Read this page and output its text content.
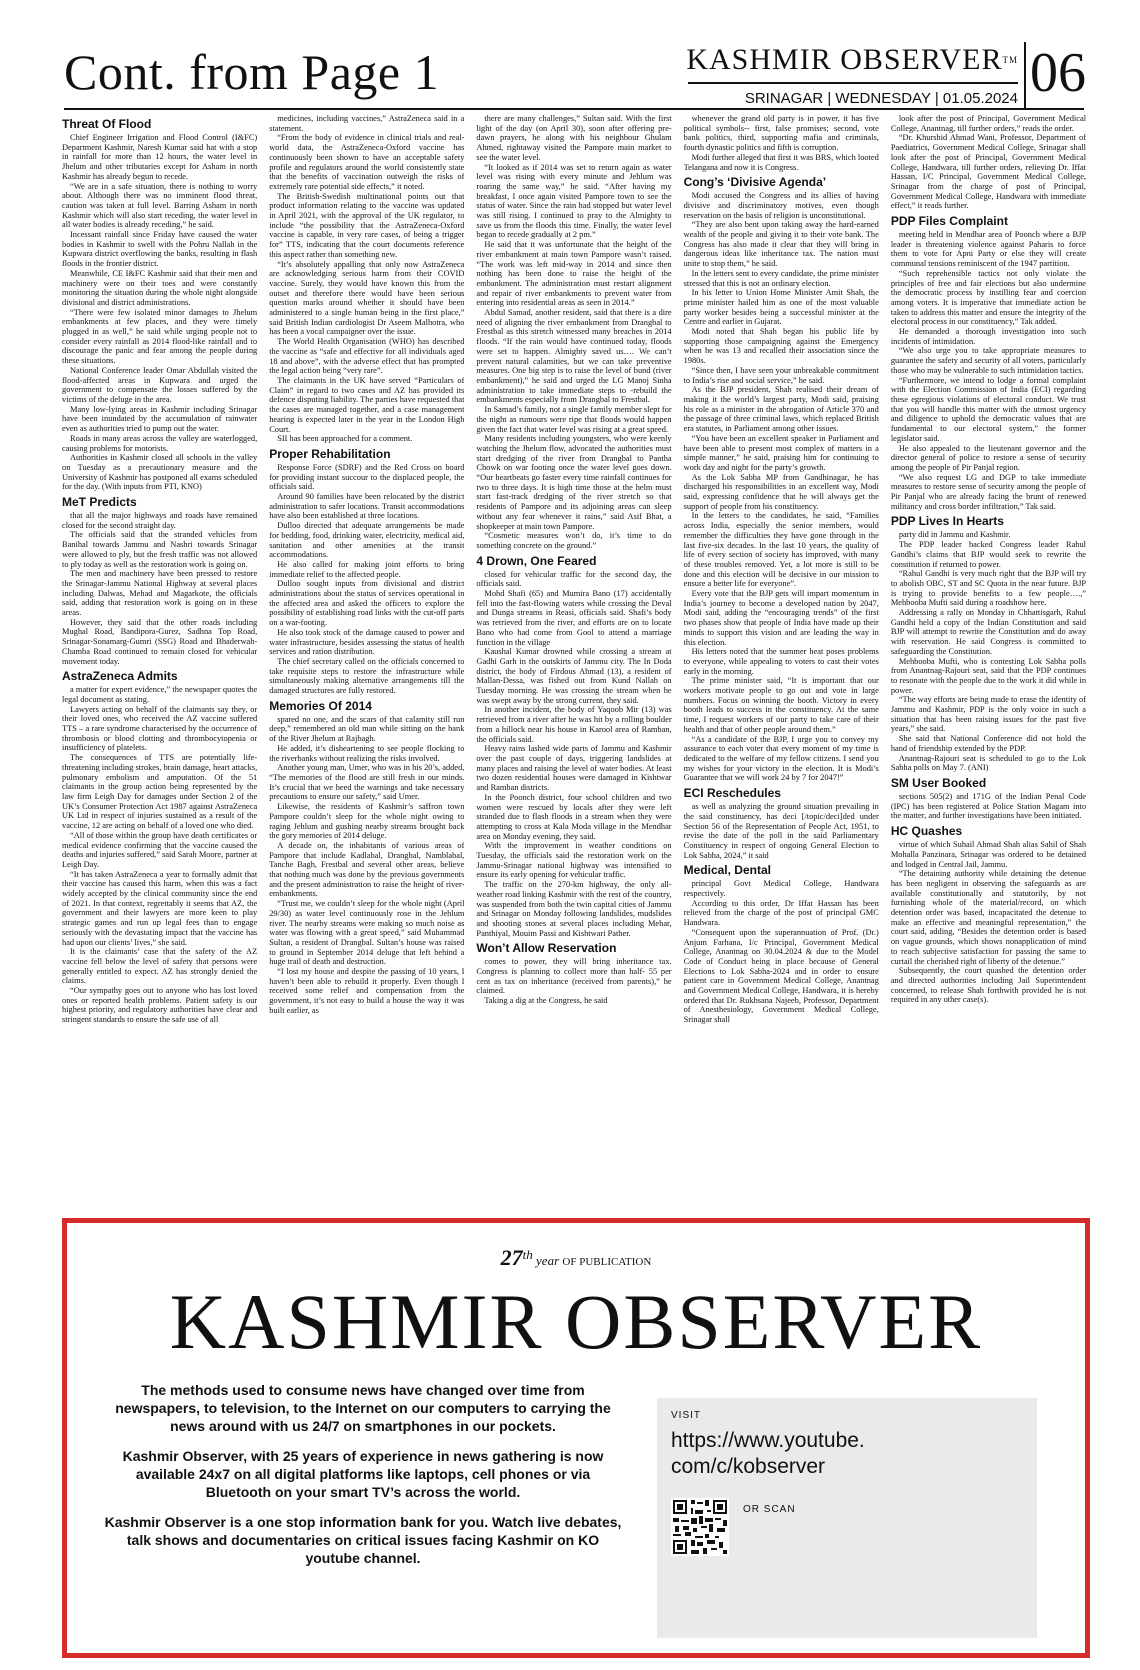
Cont. from Page 1	KASHMIR OBSERVER™
SRINAGAR | WEDNESDAY | 01.05.2024 06
Threat Of Flood

Chief Engineer Irrigation and Flood Control (I&FC) Department Kashmir, Naresh Kumar said hat with a stop in rainfall for more than 12 hours, the water level in Jhelum and other tributaries except for Asham in north Kashmir has already begun to recede.

“We are in a safe situation, there is nothing to worry about. Although there was no imminent flood threat, caution was taken at full level. Barring Asham in north Kashmir which will also start receding, the water level in all water bodies is already receding,” he said.

Incessant rainfall since Friday have caused the water bodies in Kashmir to swell with the Pohru Nallah in the Kupwara district overflowing the banks, resulting in flash floods in the frontier district.

Meanwhile, CE I&FC Kashmir said that their men and machinery were on their toes and were constantly monitoring the situation during the whole night alongside divisional and district administrations.

“There were few isolated minor damages to Jhelum embankments at few places, and they were timely plugged in as well,” he said while urging people not to consider every rainfall as 2014 flood-like rainfall and to discourage the panic and fear among the people during these situations.

National Conference leader Omar Abdullah visited the flood-affected areas in Kupwara and urged the government to compensate the losses suffered by the victims of the deluge in the area.

Many low-lying areas in Kashmir including Srinagar have been inundated by the accumulation of rainwater even as authorities tried to pump out the water.

Roads in many areas across the valley are waterlogged, causing problems for motorists.

Authorities in Kashmir closed all schools in the valley on Tuesday as a precautionary measure and the University of Kashmir has postponed all exams scheduled for the day. (With inputs from PTI, KNO)

MeT Predicts

that all the major highways and roads have remained closed for the second straight day.

The officials said that the stranded vehicles from Banihal towards Jammu and Nashri towards Srinagar were allowed to ply, but the fresh traffic was not allowed to ply today as well as the restoration work is going on.

The men and machinery have been pressed to restore the Srinagar-Jammu National Highway at several places including Dalwas, Mehad and Magarkote, the officials said, adding that restoration work is going on in these areas.

However, they said that the other roads including Mughal Road, Bandipora-Gurez, Sadhna Top Road, Srinagar-Sonamarg-Gumri (SSG) Road and Bhaderwah-Chamba Road continued to remain closed for vehicular movement today.

AstraZeneca Admits

a matter for expert evidence,” the newspaper quotes the legal document as stating.

Lawyers acting on behalf of the claimants say they, or their loved ones, who received the AZ vaccine suffered TTS – a rare syndrome characterised by the occurrence of thrombosis or blood clotting and thrombocytopenia or insufficiency of platelets.

The consequences of TTS are potentially life-threatening including strokes, brain damage, heart attacks, pulmonary embolism and amputation. Of the 51 claimants in the group action being represented by the law firm Leigh Day for damages under Section 2 of the UK’s Consumer Protection Act 1987 against AstraZeneca UK Ltd in respect of injuries sustained as a result of the vaccine, 12 are acting on behalf of a loved one who died.

“All of those within the group have death certificates or medical evidence confirming that the vaccine caused the deaths and injuries suffered,” said Sarah Moore, partner at Leigh Day.

“It has taken AstraZeneca a year to formally admit that their vaccine has caused this harm, when this was a fact widely accepted by the clinical community since the end of 2021. In that context, regrettably it seems that AZ, the government and their lawyers are more keen to play strategic games and run up legal fees than to engage seriously with the devastating impact that the vaccine has had upon our clients’ lives,” she said.

It is the claimants’ case that the safety of the AZ vaccine fell below the level of safety that persons were generally entitled to expect. AZ has strongly denied the claims.

“Our sympathy goes out to anyone who has lost loved ones or reported health problems. Patient safety is our highest priority, and regulatory authorities have clear and stringent standards to ensure the safe use of all

medicines, including vaccines,” AstraZeneca said in a statement.

“From the body of evidence in clinical trials and real-world data, the AstraZeneca-Oxford vaccine has continuously been shown to have an acceptable safety profile and regulators around the world consistently state that the benefits of vaccination outweigh the risks of extremely rare potential side effects,” it noted.

The British-Swedish multinational points out that product information relating to the vaccine was updated in April 2021, with the approval of the UK regulator, to include “the possibility that the AstraZeneca-Oxford vaccine is capable, in very rare cases, of being a trigger for” TTS, indicating that the court documents reference this aspect rather than something new.

“It’s absolutely appalling that only now AstraZeneca are acknowledging serious harm from their COVID vaccine. Surely, they would have known this from the outset and therefore there would have been serious question marks around whether it should have been administered to a single human being in the first place,” said British Indian cardiologist Dr Aseem Malhotra, who has been a vocal campaigner over the issue.

The World Health Organisation (WHO) has described the vaccine as “safe and effective for all individuals aged 18 and above”, with the adverse effect that has prompted the legal action being “very rare”.

The claimants in the UK have served “Particulars of Claim” in regard to two cases and AZ has provided its defence disputing liability. The parties have requested that the cases are managed together, and a case management hearing is expected later in the year in the London High Court.

SII has been approached for a comment.

Proper Rehabilitation

Response Force (SDRF) and the Red Cross on board for providing instant succour to the displaced people, the officials said.

Around 90 families have been relocated by the district administration to safer locations. Transit accommodations have also been established at three locations.

Dulloo directed that adequate arrangements be made for bedding, food, drinking water, electricity, medical aid, sanitation and other amenities at the transit accommodations.

He also called for making joint efforts to bring immediate relief to the affected people.

Dulloo sought inputs from divisional and district administrations about the status of services operational in the affected area and asked the officers to explore the possibility of establishing road links with the cut-off parts on a war-footing.

He also took stock of the damage caused to power and water infrastructure, besides assessing the status of health services and ration distribution.

The chief secretary called on the officials concerned to take requisite steps to restore the infrastructure while simultaneously making alternative arrangements till the damaged structures are fully restored.

Memories Of 2014

spared no one, and the scars of that calamity still run deep,” remembered an old man while sitting on the bank of the River Jhelum at Rajbagh.

He added, it’s disheartening to see people flocking to the riverbanks without realizing the risks involved.

Another young man, Umer, who was in his 20’s, added, “The memories of the flood are still fresh in our minds. It’s crucial that we heed the warnings and take necessary precautions to ensure our safety,” said Umer.

Likewise, the residents of Kashmir’s saffron town Pampore couldn’t sleep for the whole night owing to raging Jehlum and gushing nearby streams brought back the gory memories of 2014 deluge.

A decade on, the inhabitants of various areas of Pampore that include Kadlabal, Drangbal, Namblabal, Tanche Bagh, Frestbal and several other areas, believe that nothing much was done by the previous governments and the present administration to raise the height of river-embankments.

“Trust me, we couldn’t sleep for the whole night (April 29/30) as water level continuously rose in the Jehlum river. The nearby streams were making so much noise as water was flowing with a great speed,” said Muhammad Sultan, a resident of Drangbal. Sultan’s house was raised to ground in September 2014 deluge that left behind a huge trail of death and destruction.

“I lost my house and despite the passing of 10 years, I haven’t been able to rebuild it properly. Even though I received some relief and compensation from the government, it’s not easy to build a house the way it was built earlier, as

there are many challenges,” Sultan said. With the first light of the day (on April 30), soon after offering pre-dawn prayers, he along with his neighbour Ghulam Ahmed, rightaway visited the Pampore main market to see the water level.

“It looked as if 2014 was set to return again as water level was rising with every minute and Jehlum was roaring the same way,” he said. “After having my breakfast, I once again visited Pampore town to see the status of water. Since the rain had stopped but water level was still rising. I continued to pray to the Almighty to save us from the floods this time. Finally, the water level began to recede gradually at 2 pm.”

He said that it was unfortunate that the height of the river embankment at main town Pampore wasn’t raised. “The work was left mid-way in 2014 and since then nothing has been done to raise the height of the embankment. The administration must restart alignment and repair of river embankments to prevent water from entering into residential areas as seen in 2014.”

Abdul Samad, another resident, said that there is a dire need of aligning the river embankment from Drangbal to Frestbal as this stretch witnessed many breaches in 2014 floods. “If the rain would have continued today, floods were set to happen. Almighty saved us…. We can’t prevent natural calamities, but we can take preventive measures. One big step is to raise the level of bund (river embankment),” he said and urged the LG Manoj Sinha administration to take immediate steps to -rebuild the embankments especially from Drangbal to Frestbal.

In Samad’s family, not a single family member slept for the night as rumours were ripe that floods would happen given the fact that water level was rising at a great speed.

Many residents including youngsters, who were keenly watching the Jhelum flow, advocated the authorities must start dredging of the river from Drangbal to Pantha Chowk on war footing once the water level goes down. “Our heartbeats go faster every time rainfall continues for two to three days. It is high time those at the helm must start fast-track dredging of the river stretch so that residents of Pampore and its adjoining areas can sleep without any fear whenever it rains,” said Asif Bhat, a shopkeeper at main town Pampore.

“Cosmetic measures won’t do, it’s time to do something concrete on the ground.”

4 Drown, One Feared

closed for vehicular traffic for the second day, the officials said.

Mohd Shafi (65) and Mumira Bano (17) accidentally fell into the fast-flowing waters while crossing the Deval and Dunga streams in Reasi, officials said. Shafi’s body was retrieved from the river, and efforts are on to locate Bano who had come from Gool to attend a marriage function in the village

Kaushal Kumar drowned while crossing a stream at Gadhi Garh in the outskirts of Jammu city. The In Doda district, the body of Firdous Ahmad (13), a resident of Mallan-Dessa, was fished out from Kund Nallah on Tuesday morning. He was crossing the stream when he was swept away by the strong current, they said.

In another incident, the body of Yaqoob Mir (13) was retrieved from a river after he was hit by a rolling boulder from a hillock near his house in Karool area of Ramban, the officials said.

Heavy rains lashed wide parts of Jammu and Kashmir over the past couple of days, triggering landslides at many places and raising the level of water bodies. At least two dozen residential houses were damaged in Kishtwar and Ramban districts.

In the Poonch district, four school children and two women were rescued by locals after they were left stranded due to flash floods in a stream when they were attempting to cross at Kala Moda village in the Mendhar area on Monday evening, they said.

With the improvement in weather conditions on Tuesday, the officials said the restoration work on the Jammu-Srinagar national highway was intensified to ensure its early opening for vehicular traffic.

The traffic on the 270-km highway, the only all-weather road linking Kashmir with the rest of the country, was suspended from both the twin capital cities of Jammu and Srinagar on Monday following landslides, mudslides and shooting stones at several places including Mehar, Panthiyal, Mouim Passi and Kishtwari Pather.

Won’t Allow Reservation

comes to power, they will bring inheritance tax. Congress is planning to collect more than half- 55 per cent as tax on inheritance (received from parents),” he claimed.

Taking a dig at the Congress, he said

whenever the grand old party is in power, it has five political symbols-- first, false promises; second, vote bank politics, third, supporting mafia and criminals, fourth dynastic politics and fifth is corruption.

Modi further alleged that first it was BRS, which looted Telangana and now it is Congress.

Cong’s ‘Divisive Agenda’

Modi accused the Congress and its allies of having divisive and discriminatory motives, even though reservation on the basis of religion is unconstitutional.

“They are also bent upon taking away the hard-earned wealth of the people and giving it to their vote bank. The Congress has also made it clear that they will bring in dangerous ideas like inheritance tax. The nation must unite to stop them,” he said.

In the letters sent to every candidate, the prime minister stressed that this is not an ordinary election.

In his letter to Union Home Minister Amit Shah, the prime minister hailed him as one of the most valuable party worker besides being a successful minister at the Centre and earlier in Gujarat.

Modi noted that Shah began his public life by supporting those campaigning against the Emergency when he was 13 and recalled their association since the 1980s.

“Since then, I have seen your unbreakable commitment to India’s rise and social service,” he said.

As the BJP president, Shah realised their dream of making it the world’s largest party, Modi said, praising his role as a minister in the abrogation of Article 370 and the passage of three criminal laws, which replaced British era statutes, in Parliament among other issues.

“You have been an excellent speaker in Parliament and have been able to present most complex of matters in a simple manner,” he said, praising him for continuing to work day and night for the party’s growth.

As the Lok Sabha MP from Gandhinagar, he has discharged his responsibilities in an excellent way, Modi said, expressing confidence that he will always get the support of people from his constituency.

In the letters to the candidates, he said, “Families across India, especially the senior members, would remember the difficulties they have gone through in the last five-six decades. In the last 10 years, the quality of life of every section of society has improved, with many of these troubles removed. Yet, a lot more is still to be done and this election will be decisive in our mission to ensure a better life for everyone”.

Every vote that the BJP gets will impart momentum in India’s journey to become a developed nation by 2047, Modi said, adding the “encouraging trends” of the first two phases show that people of India have made up their minds to support this vision and are leading the way in this election.

His letters noted that the summer heat poses problems to everyone, while appealing to voters to cast their votes early in the morning.

The prime minister said, “It is important that our workers motivate people to go out and vote in large numbers. Focus on winning the booth. Victory in every booth leads to success in the constituency. At the same time, I request workers of our party to take care of their health and that of other people around them.”

“As a candidate of the BJP, I urge you to convey my assurance to each voter that every moment of my time is dedicated to the welfare of my fellow citizens. I send you my wishes for your victory in the election. It is Modi’s Guarantee that we will work 24 by 7 for 2047!”

ECI Reschedules

as well as analyzing the ground situation prevailing in the said constituency, has deci [/topic/deci]ded under Section 56 of the Representation of People Act, 1951, to revise the date of the poll in the said Parliamentary Constituency in respect of ongoing General Election to Lok Sabha, 2024,” it said

Medical, Dental

principal Govt Medical College, Handwara respectively.

According to this order, Dr Iffat Hassan has been relieved from the charge of the post of principal GMC Handwara.

“Consequent upon the superannuation of Prof. (Dr.) Anjum Farhana, I/c Principal, Government Medical College, Anantnag on 30.04.2024 & due to the Model Code of Conduct being in place because of General Elections to Lok Sabha-2024 and in order to ensure patient care in Government Medical College, Anantnag and Government Medical College, Handwara, it is hereby ordered that Dr. Rukhsana Najeeb, Professor, Department of Anesthesiology, Government Medical College, Srinagar shall

look after the post of Principal, Government Medical College, Anantnag, till further orders,” reads the order.

“Dr. Khurshid Ahmad Wani, Professor, Department of Paediatrics, Government Medical College, Srinagar shall look after the post of Principal, Government Medical College, Handwara, till further orders, relieving Dr. Iffat Hassan, I/C Principal, Government Medical College, Srinagar from the charge of post of Principal, Government Medical College, Handwara with immediate effect,” it reads further.

PDP Files Complaint

meeting held in Mendhar area of Poonch where a BJP leader is threatening violence against Paharis to force them to vote for Apni Party or else they will create communal tensions reminiscent of the 1947 partition.

“Such reprehensible tactics not only violate the principles of free and fair elections but also undermine the democratic process by instilling fear and coercion among voters. It is imperative that immediate action be taken to address this matter and ensure the integrity of the electoral process in our constituency,” Tak added.

He demanded a thorough investigation into such incidents of intimidation.

“We also urge you to take appropriate measures to guarantee the safety and security of all voters, particularly those who may be vulnerable to such intimidation tactics.

“Furthermore, we intend to lodge a formal complaint with the Election Commission of India (ECI) regarding these egregious violations of electoral conduct. We trust that you will handle this matter with the utmost urgency and diligence to uphold the democratic values that are fundamental to our electoral system,” the former legislator said.

He also appealed to the lieutenant governor and the director general of police to restore a sense of security among the people of Pir Panjal region.

“We also request LG and DGP to take immediate measures to restore sense of security among the people of Pir Panjal who are already facing the brunt of renewed militancy and cross border infiltration,” Tak said.

PDP Lives In Hearts

party did in Jammu and Kashmir.

The PDP leader backed Congress leader Rahul Gandhi’s claims that BJP would seek to rewrite the constitution if returned to power.

“Rahul Gandhi is very much right that the BJP will try to abolish OBC, ST and SC Quota in the near future. BJP is trying to provide benefits to a few people….,” Mehbooba Mufti said during a roadshow here.

Addressing a rally on Monday in Chhattisgarh, Rahul Gandhi held a copy of the Indian Constitution and said BJP will attempt to rewrite the Constitution and do away with reservation. He said Congress is committed to safeguarding the Constitution.

Mehbooba Mufti, who is contesting Lok Sabha polls from Anantnag-Rajouri seat, said that the PDP continues to resonate with the people due to the work it did while in power.

“The way efforts are being made to erase the identity of Jammu and Kashmir, PDP is the only voice in such a situation that has been raising issues for the past five years,” she said.

She said that National Conference did not hold the hand of friendship extended by the PDP.

Anantnag-Rajouri seat is scheduled to go to the Lok Sabha polls on May 7. (ANI)

SM User Booked

sections 505(2) and 171G of the Indian Penal Code (IPC) has been registered at Police Station Magam into the matter, and further investigations have been initiated.

HC Quashes

virtue of which Suhail Ahmad Shah alias Sahil of Shah Mohalla Panzinara, Srinagar was ordered to be detained and lodged in Central Jail, Jammu.

“The detaining authority while detaining the detenue has been negligent in observing the safeguards as are available constitutionally and statutorily, by not furnishing whole of the material/record, on which detention order was based, incapacitated the detenue to make an effective and meaningful representation,” the court said, adding, “Besides the detention order is based on vague grounds, which shows nonapplication of mind to reach subjective satisfaction for passing the same to curtail the cherished right of liberty of the detenue.”

Subsequently, the court quashed the detention order and directed authorities including Jail Superintendent concerned, to release Shah forthwith provided he is not required in any other case(s).

27th year OF PUBLICATION
KASHMIR OBSERVER

The methods used to consume news have changed over time from newspapers, to television, to the Internet on our computers to carrying the news around with us 24/7 on smartphones in our pockets.

Kashmir Observer, with 25 years of experience in news gathering is now available 24x7 on all digital platforms like laptops, cell phones or via Bluetooth on your smart TV’s across the world.

Kashmir Observer is a one stop information bank for you. Watch live debates, talk shows and documentaries on critical issues facing Kashmir on KO youtube channel.

VISIT
https://www.youtube.
com/c/kobserver
OR SCAN
